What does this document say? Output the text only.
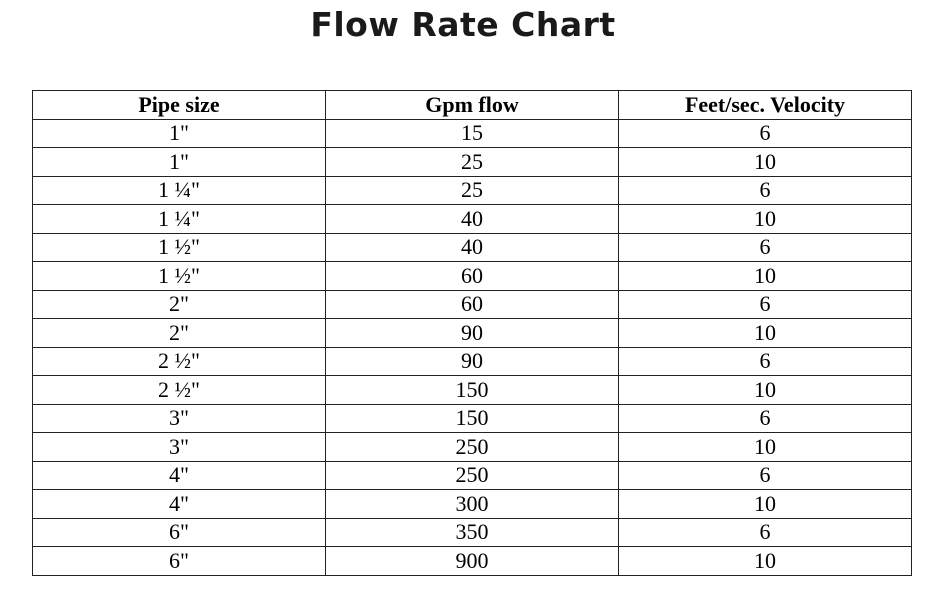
Flow Rate Chart
Pipe size	Gpm flow	Feet/sec. Velocity
1"	15	6
1"	25	10
1 ¼"	25	6
1 ¼"	40	10
1 ½"	40	6
1 ½"	60	10
2"	60	6
2"	90	10
2 ½"	90	6
2 ½"	150	10
3"	150	6
3"	250	10
4"	250	6
4"	300	10
6"	350	6
6"	900	10
